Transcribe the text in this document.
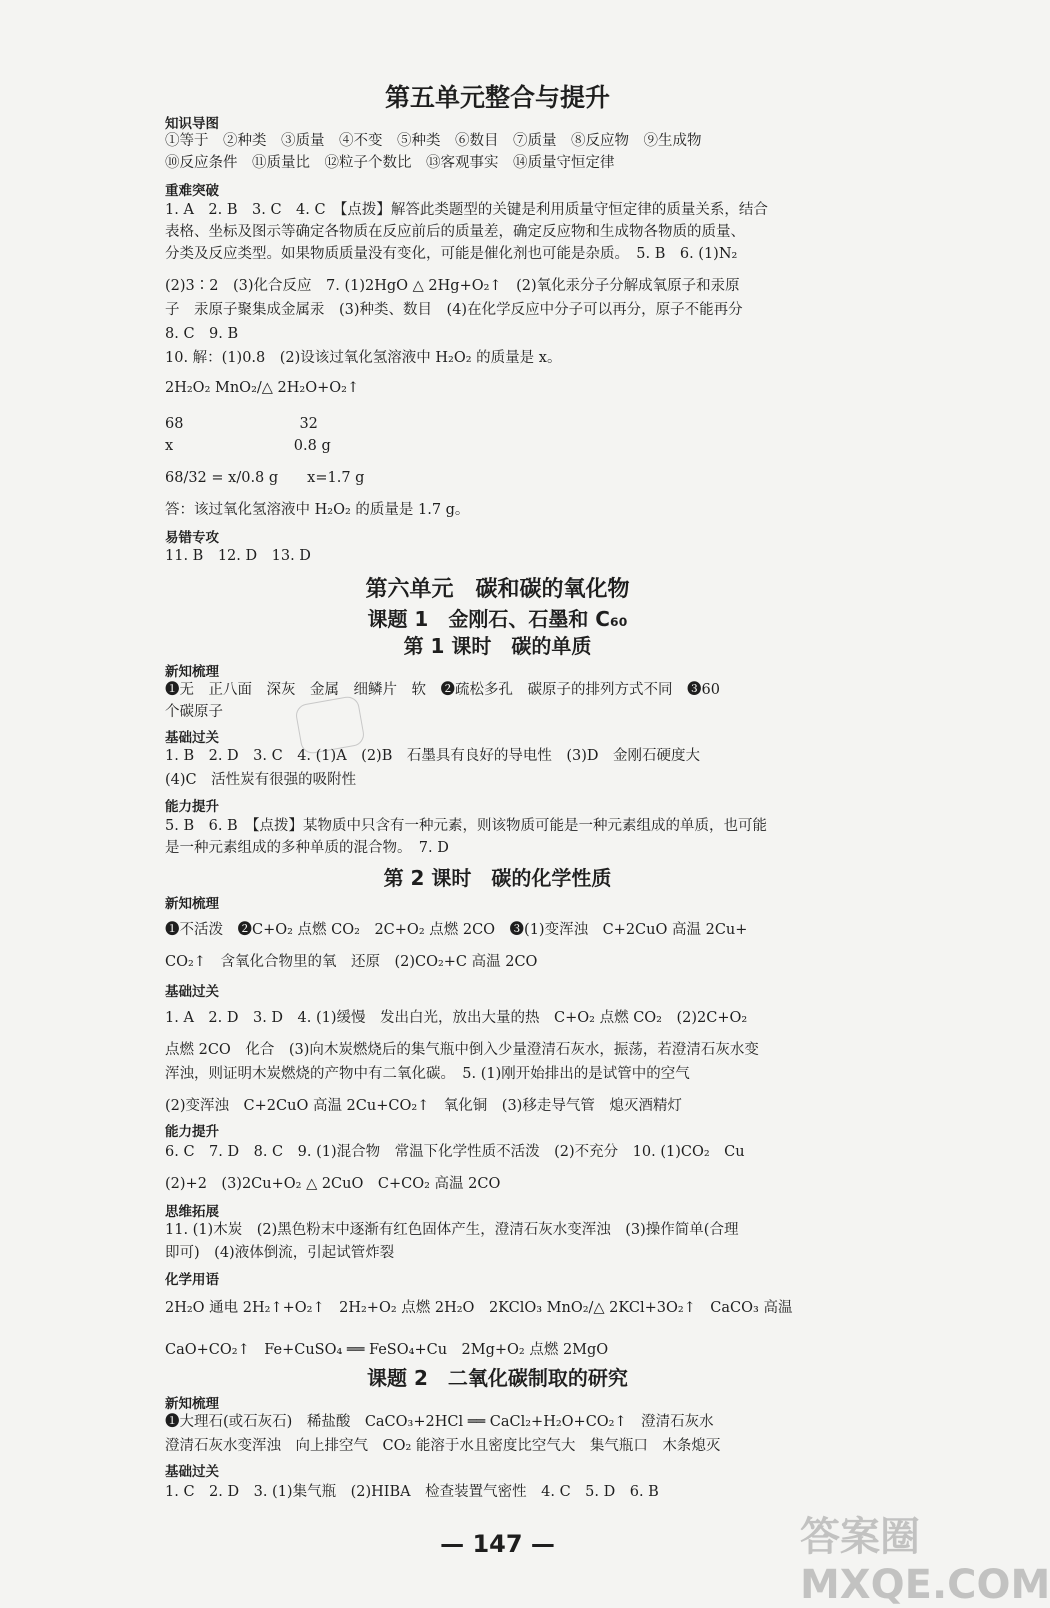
第五单元整合与提升
知识导图
①等于　②种类　③质量　④不变　⑤种类　⑥数目　⑦质量　⑧反应物　⑨生成物
⑩反应条件　⑪质量比　⑫粒子个数比　⑬客观事实　⑭质量守恒定律
重难突破
1. A　2. B　3. C　4. C　【点拨】解答此类题型的关键是利用质量守恒定律的质量关系，结合
表格、坐标及图示等确定各物质在反应前后的质量差，确定反应物和生成物各物质的质量、
分类及反应类型。如果物质质量没有变化，可能是催化剂也可能是杂质。　5. B　6. (1)N₂
(2)3∶2　(3)化合反应　7. (1)2HgO △ 2Hg+O₂↑　(2)氧化汞分子分解成氧原子和汞原
子　汞原子聚集成金属汞　(3)种类、数目　(4)在化学反应中分子可以再分，原子不能再分
8. C　9. B
10. 解：(1)0.8　(2)设该过氧化氢溶液中 H₂O₂ 的质量是 x。
2H₂O₂ MnO₂/△ 2H₂O+O₂↑
68　　　　　　　　32
x　　　　　　　　 0.8 g
68/32 = x/0.8 g　　x=1.7 g
答：该过氧化氢溶液中 H₂O₂ 的质量是 1.7 g。
易错专攻
11. B　12. D　13. D
第六单元　碳和碳的氧化物
课题 1　金刚石、石墨和 C₆₀
第 1 课时　碳的单质
新知梳理
❶无　正八面　深灰　金属　细鳞片　软　❷疏松多孔　碳原子的排列方式不同　❸60
个碳原子
基础过关
1. B　2. D　3. C　4. (1)A　(2)B　石墨具有良好的导电性　(3)D　金刚石硬度大
(4)C　活性炭有很强的吸附性
能力提升
5. B　6. B　【点拨】某物质中只含有一种元素，则该物质可能是一种元素组成的单质，也可能
是一种元素组成的多种单质的混合物。　7. D
第 2 课时　碳的化学性质
新知梳理
❶不活泼　❷C+O₂ 点燃 CO₂　2C+O₂ 点燃 2CO　❸(1)变浑浊　C+2CuO 高温 2Cu+
CO₂↑　含氧化合物里的氧　还原　(2)CO₂+C 高温 2CO
基础过关
1. A　2. D　3. D　4. (1)缓慢　发出白光，放出大量的热　C+O₂ 点燃 CO₂　(2)2C+O₂
点燃 2CO　化合　(3)向木炭燃烧后的集气瓶中倒入少量澄清石灰水，振荡，若澄清石灰水变
浑浊，则证明木炭燃烧的产物中有二氧化碳。　5. (1)刚开始排出的是试管中的空气
(2)变浑浊　C+2CuO 高温 2Cu+CO₂↑　氧化铜　(3)移走导气管　熄灭酒精灯
能力提升
6. C　7. D　8. C　9. (1)混合物　常温下化学性质不活泼　(2)不充分　10. (1)CO₂　Cu
(2)+2　(3)2Cu+O₂ △ 2CuO　C+CO₂ 高温 2CO
思维拓展
11. (1)木炭　(2)黑色粉末中逐渐有红色固体产生，澄清石灰水变浑浊　(3)操作简单(合理
即可)　(4)液体倒流，引起试管炸裂
化学用语
2H₂O 通电 2H₂↑+O₂↑　2H₂+O₂ 点燃 2H₂O　2KClO₃ MnO₂/△ 2KCl+3O₂↑　CaCO₃ 高温
CaO+CO₂↑　Fe+CuSO₄ ══ FeSO₄+Cu　2Mg+O₂ 点燃 2MgO
课题 2　二氧化碳制取的研究
新知梳理
❶大理石(或石灰石)　稀盐酸　CaCO₃+2HCl ══ CaCl₂+H₂O+CO₂↑　澄清石灰水
澄清石灰水变浑浊　向上排空气　CO₂ 能溶于水且密度比空气大　集气瓶口　木条熄灭
基础过关
1. C　2. D　3. (1)集气瓶　(2)HIBA　检查装置气密性　4. C　5. D　6. B
— 147 —	答案圈 MXQE.COM
